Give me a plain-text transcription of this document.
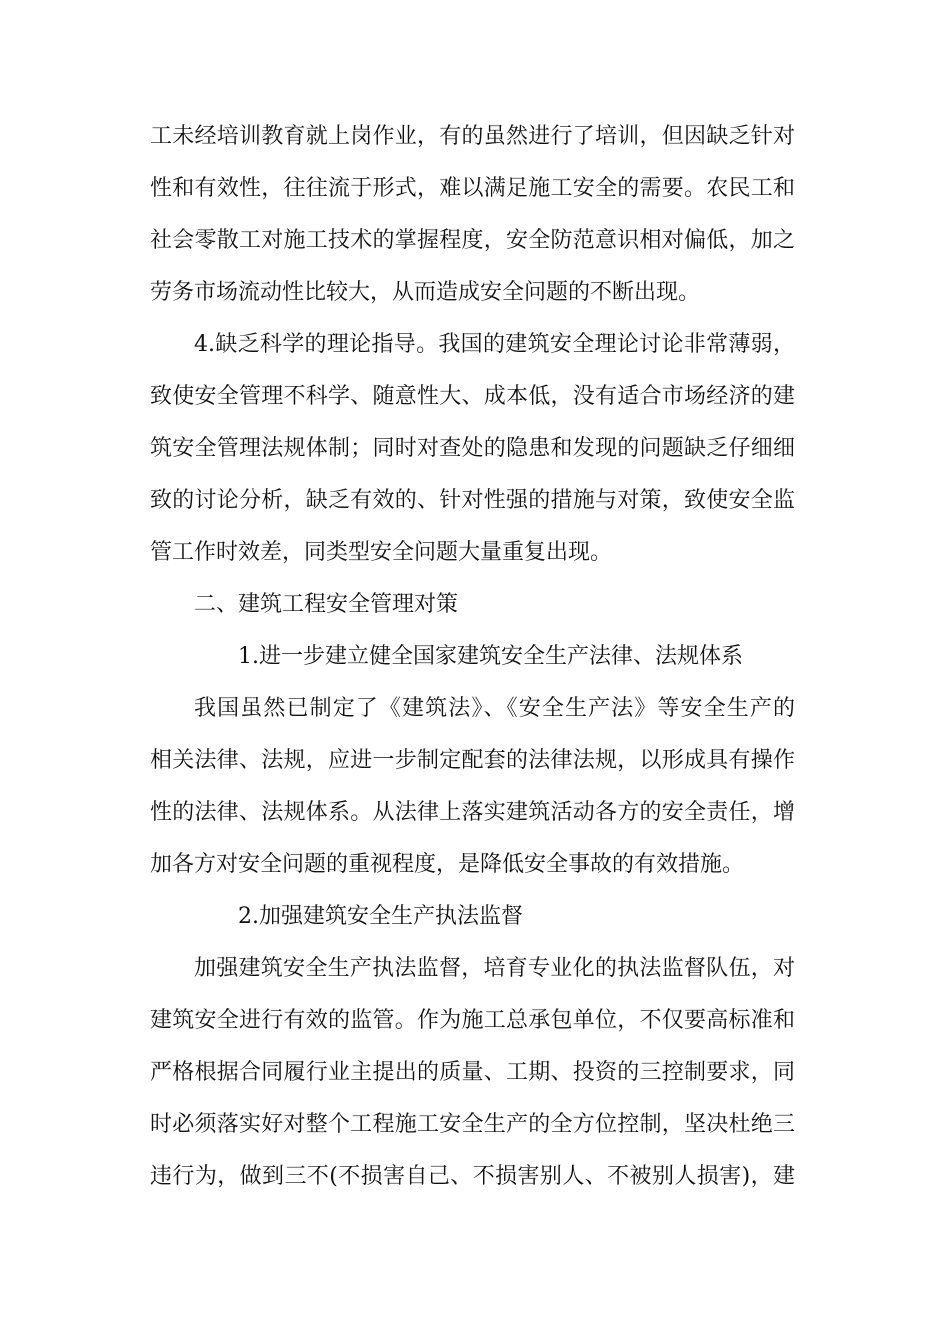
工未经培训教育就上岗作业，有的虽然进行了培训，但因缺乏针对
性和有效性，往往流于形式，难以满足施工安全的需要。农民工和
社会零散工对施工技术的掌握程度，安全防范意识相对偏低，加之
劳务市场流动性比较大，从而造成安全问题的不断出现。
4.缺乏科学的理论指导。我国的建筑安全理论讨论非常薄弱，
致使安全管理不科学、随意性大、成本低，没有适合市场经济的建
筑安全管理法规体制；同时对查处的隐患和发现的问题缺乏仔细细
致的讨论分析，缺乏有效的、针对性强的措施与对策，致使安全监
管工作时效差，同类型安全问题大量重复出现。
二、建筑工程安全管理对策
1.进一步建立健全国家建筑安全生产法律、法规体系
我国虽然已制定了《建筑法》、《安全生产法》等安全生产的
相关法律、法规，应进一步制定配套的法律法规，以形成具有操作
性的法律、法规体系。从法律上落实建筑活动各方的安全责任，增
加各方对安全问题的重视程度，是降低安全事故的有效措施。
2.加强建筑安全生产执法监督
加强建筑安全生产执法监督，培育专业化的执法监督队伍，对
建筑安全进行有效的监管。作为施工总承包单位，不仅要高标准和
严格根据合同履行业主提出的质量、工期、投资的三控制要求，同
时必须落实好对整个工程施工安全生产的全方位控制，坚决杜绝三
违行为，做到三不(不损害自己、不损害别人、不被别人损害)，建
